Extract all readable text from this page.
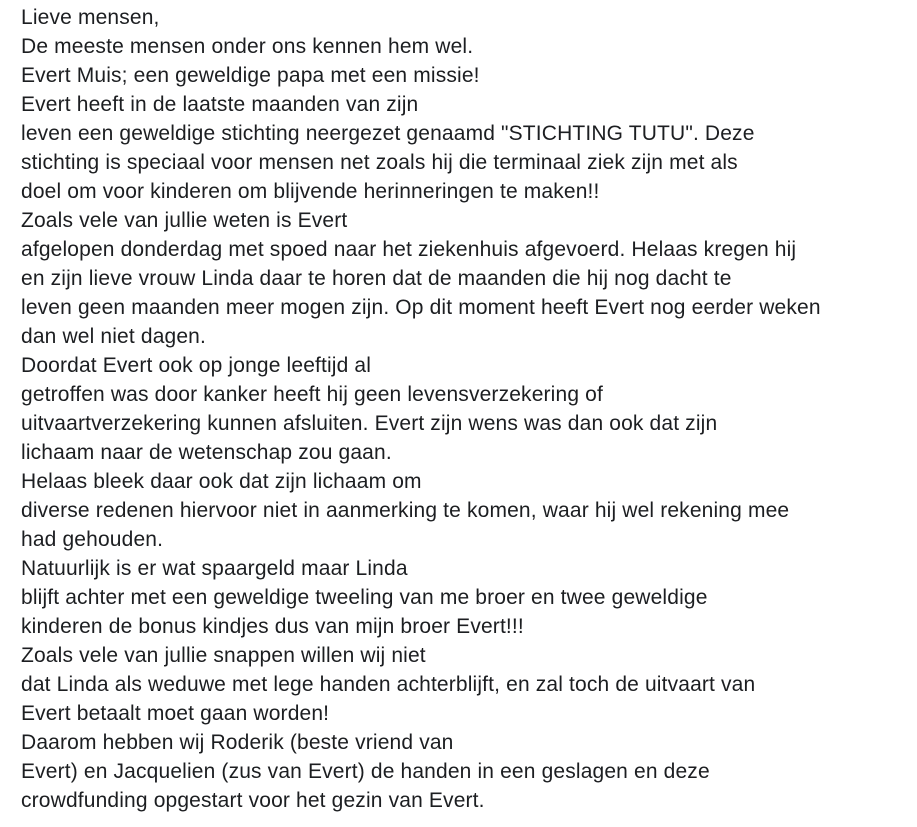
Lieve mensen,
De meeste mensen onder ons kennen hem wel.
Evert Muis; een geweldige papa met een missie!
Evert heeft in de laatste maanden van zijn
leven een geweldige stichting neergezet genaamd "STICHTING TUTU". Deze
stichting is speciaal voor mensen net zoals hij die terminaal ziek zijn met als
doel om voor kinderen om blijvende herinneringen te maken!!
Zoals vele van jullie weten is Evert
afgelopen donderdag met spoed naar het ziekenhuis afgevoerd. Helaas kregen hij
en zijn lieve vrouw Linda daar te horen dat de maanden die hij nog dacht te
leven geen maanden meer mogen zijn. Op dit moment heeft Evert nog eerder weken
dan wel niet dagen.
Doordat Evert ook op jonge leeftijd al
getroffen was door kanker heeft hij geen levensverzekering of
uitvaartverzekering kunnen afsluiten. Evert zijn wens was dan ook dat zijn
lichaam naar de wetenschap zou gaan.
Helaas bleek daar ook dat zijn lichaam om
diverse redenen hiervoor niet in aanmerking te komen, waar hij wel rekening mee
had gehouden.
Natuurlijk is er wat spaargeld maar Linda
blijft achter met een geweldige tweeling van me broer en twee geweldige
kinderen de bonus kindjes dus van mijn broer Evert!!!
Zoals vele van jullie snappen willen wij niet
dat Linda als weduwe met lege handen achterblijft, en zal toch de uitvaart van
Evert betaalt moet gaan worden!
Daarom hebben wij Roderik (beste vriend van
Evert) en Jacquelien (zus van Evert) de handen in een geslagen en deze
crowdfunding opgestart voor het gezin van Evert.
